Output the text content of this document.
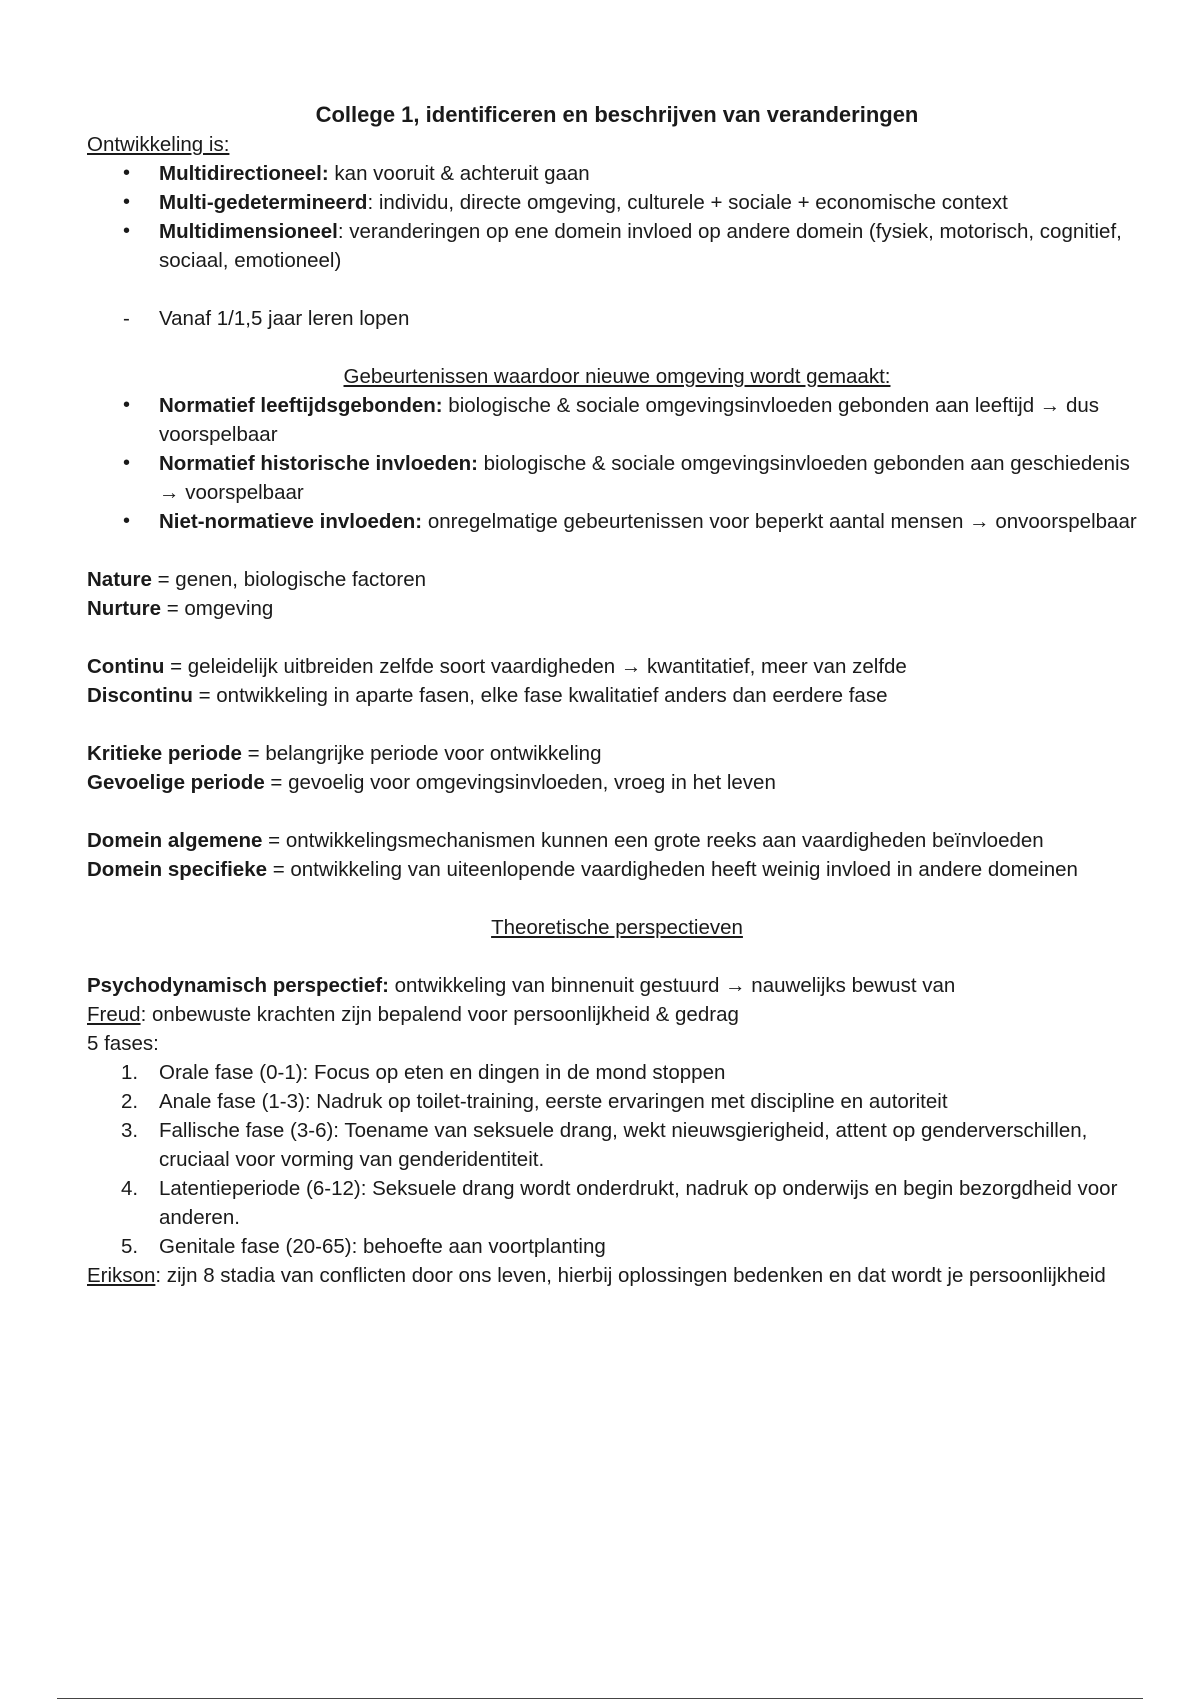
College 1, identificeren en beschrijven van veranderingen

Ontwikkeling is:

• Multidirectioneel: kan vooruit & achteruit gaan
• Multi-gedetermineerd: individu, directe omgeving, culturele + sociale + economische context
• Multidimensioneel: veranderingen op ene domein invloed op andere domein (fysiek, motorisch, cognitief, sociaal, emotioneel)
- Vanaf 1/1,5 jaar leren lopen

Gebeurtenissen waardoor nieuwe omgeving wordt gemaakt:

• Normatief leeftijdsgebonden: biologische & sociale omgevingsinvloeden gebonden aan leeftijd → dus voorspelbaar
• Normatief historische invloeden: biologische & sociale omgevingsinvloeden gebonden aan geschiedenis → voorspelbaar
• Niet-normatieve invloeden: onregelmatige gebeurtenissen voor beperkt aantal mensen → onvoorspelbaar

Nature = genen, biologische factoren

Nurture = omgeving

Continu = geleidelijk uitbreiden zelfde soort vaardigheden → kwantitatief, meer van zelfde

Discontinu = ontwikkeling in aparte fasen, elke fase kwalitatief anders dan eerdere fase

Kritieke periode = belangrijke periode voor ontwikkeling

Gevoelige periode = gevoelig voor omgevingsinvloeden, vroeg in het leven

Domein algemene = ontwikkelingsmechanismen kunnen een grote reeks aan vaardigheden beïnvloeden

Domein specifieke = ontwikkeling van uiteenlopende vaardigheden heeft weinig invloed in andere domeinen

Theoretische perspectieven

Psychodynamisch perspectief: ontwikkeling van binnenuit gestuurd → nauwelijks bewust van

Freud: onbewuste krachten zijn bepalend voor persoonlijkheid & gedrag

5 fases:

1. Orale fase (0-1): Focus op eten en dingen in de mond stoppen
2. Anale fase (1-3): Nadruk op toilet-training, eerste ervaringen met discipline en autoriteit
3. Fallische fase (3-6): Toename van seksuele drang, wekt nieuwsgierigheid, attent op genderverschillen, cruciaal voor vorming van genderidentiteit.
4. Latentieperiode (6-12): Seksuele drang wordt onderdrukt, nadruk op onderwijs en begin bezorgdheid voor anderen.
5. Genitale fase (20-65): behoefte aan voortplanting

Erikson: zijn 8 stadia van conflicten door ons leven, hierbij oplossingen bedenken en dat wordt je persoonlijkheid
